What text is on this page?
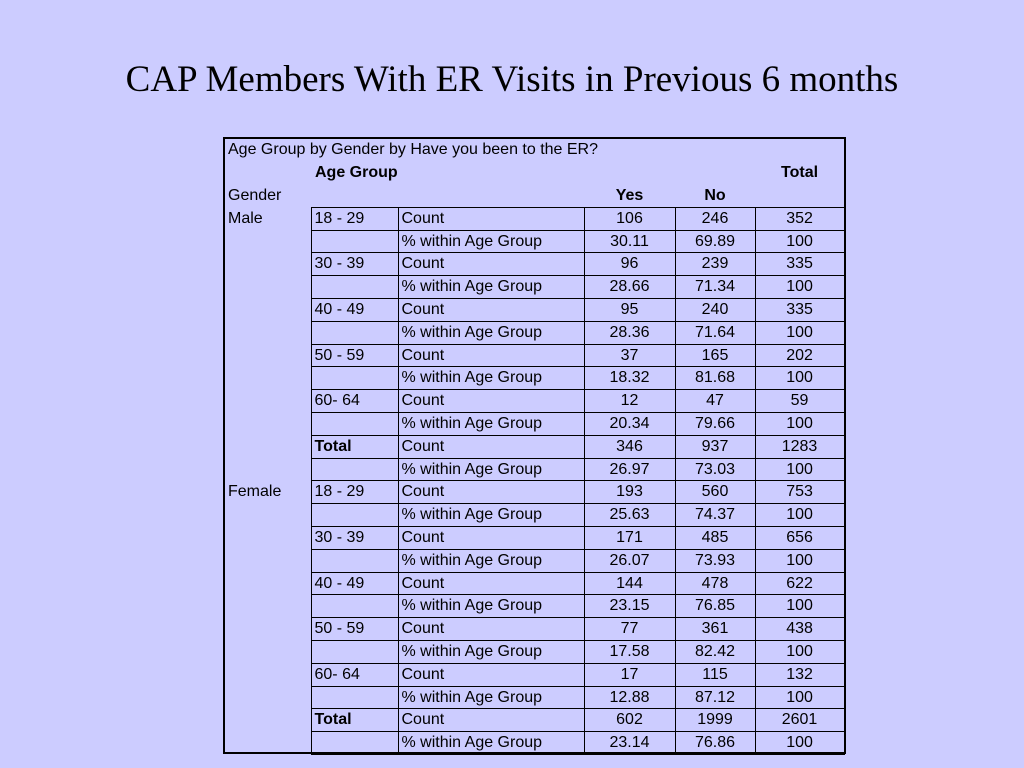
CAP Members With ER Visits in Previous 6 months
Age Group by Gender by Have you been to the ER?					
	Age Group				Total
Gender			Yes	No	
Male	18 - 29	Count	106	246	352
		% within Age Group	30.11	69.89	100
	30 - 39	Count	96	239	335
		% within Age Group	28.66	71.34	100
	40 - 49	Count	95	240	335
		% within Age Group	28.36	71.64	100
	50 - 59	Count	37	165	202
		% within Age Group	18.32	81.68	100
	60- 64	Count	12	47	59
		% within Age Group	20.34	79.66	100
	Total	Count	346	937	1283
		% within Age Group	26.97	73.03	100
Female	18 - 29	Count	193	560	753
		% within Age Group	25.63	74.37	100
	30 - 39	Count	171	485	656
		% within Age Group	26.07	73.93	100
	40 - 49	Count	144	478	622
		% within Age Group	23.15	76.85	100
	50 - 59	Count	77	361	438
		% within Age Group	17.58	82.42	100
	60- 64	Count	17	115	132
		% within Age Group	12.88	87.12	100
	Total	Count	602	1999	2601
		% within Age Group	23.14	76.86	100
